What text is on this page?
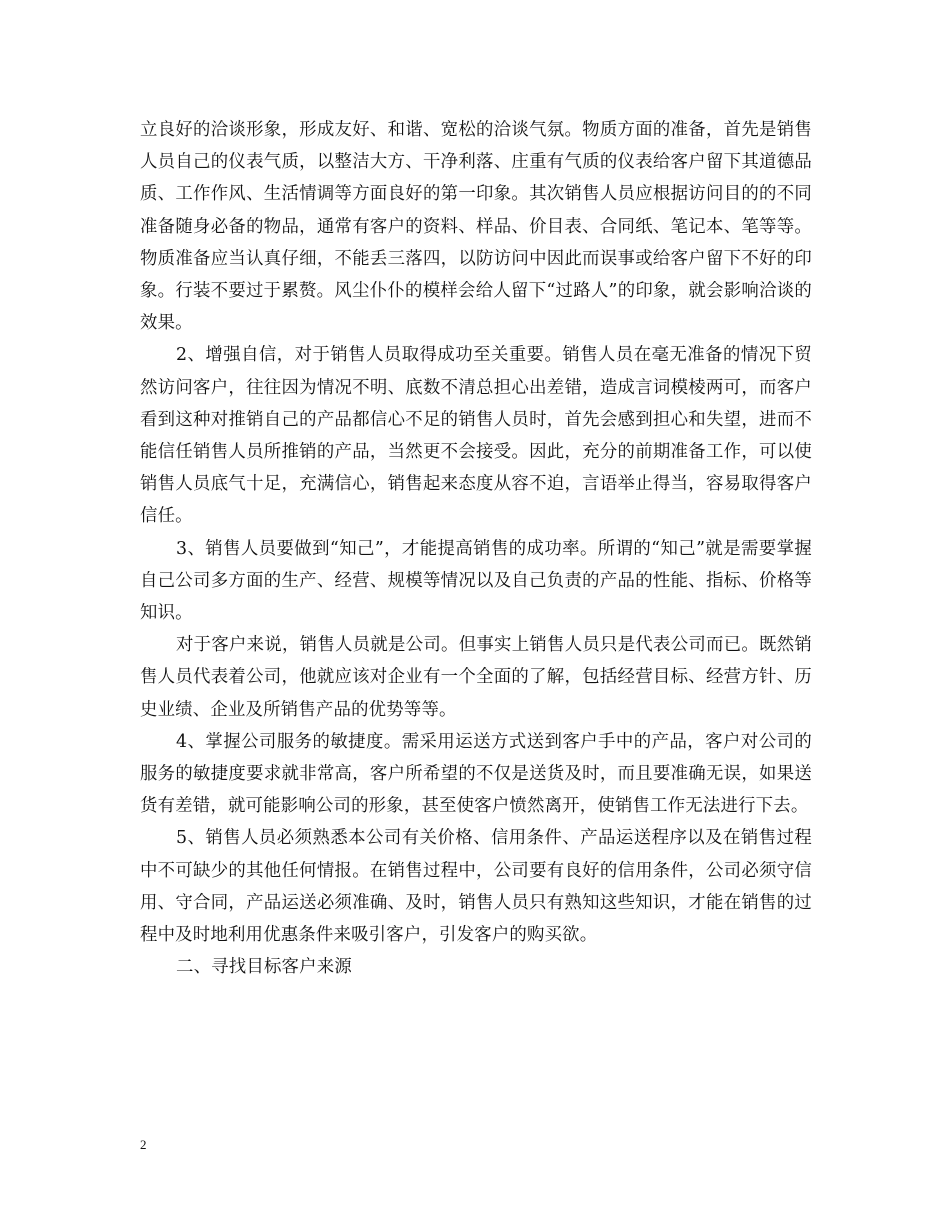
立良好的洽谈形象，形成友好、和谐、宽松的洽谈气氛。物质方面的准备，首先是销售人员自己的仪表气质，以整洁大方、干净利落、庄重有气质的仪表给客户留下其道德品质、工作作风、生活情调等方面良好的第一印象。其次销售人员应根据访问目的的不同准备随身必备的物品，通常有客户的资料、样品、价目表、合同纸、笔记本、笔等等。物质准备应当认真仔细，不能丢三落四，以防访问中因此而误事或给客户留下不好的印象。行装不要过于累赘。风尘仆仆的模样会给人留下“过路人”的印象，就会影响洽谈的效果。

2、增强自信，对于销售人员取得成功至关重要。销售人员在毫无准备的情况下贸然访问客户，往往因为情况不明、底数不清总担心出差错，造成言词模棱两可，而客户看到这种对推销自己的产品都信心不足的销售人员时，首先会感到担心和失望，进而不能信任销售人员所推销的产品，当然更不会接受。因此，充分的前期准备工作，可以使销售人员底气十足，充满信心，销售起来态度从容不迫，言语举止得当，容易取得客户信任。

3、销售人员要做到“知己”，才能提高销售的成功率。所谓的“知己”就是需要掌握自己公司多方面的生产、经营、规模等情况以及自己负责的产品的性能、指标、价格等知识。

对于客户来说，销售人员就是公司。但事实上销售人员只是代表公司而已。既然销售人员代表着公司，他就应该对企业有一个全面的了解，包括经营目标、经营方针、历史业绩、企业及所销售产品的优势等等。

4、掌握公司服务的敏捷度。需采用运送方式送到客户手中的产品，客户对公司的服务的敏捷度要求就非常高，客户所希望的不仅是送货及时，而且要准确无误，如果送货有差错，就可能影响公司的形象，甚至使客户愤然离开，使销售工作无法进行下去。

5、销售人员必须熟悉本公司有关价格、信用条件、产品运送程序以及在销售过程中不可缺少的其他任何情报。在销售过程中，公司要有良好的信用条件，公司必须守信用、守合同，产品运送必须准确、及时，销售人员只有熟知这些知识，才能在销售的过程中及时地利用优惠条件来吸引客户，引发客户的购买欲。

二、寻找目标客户来源

2
